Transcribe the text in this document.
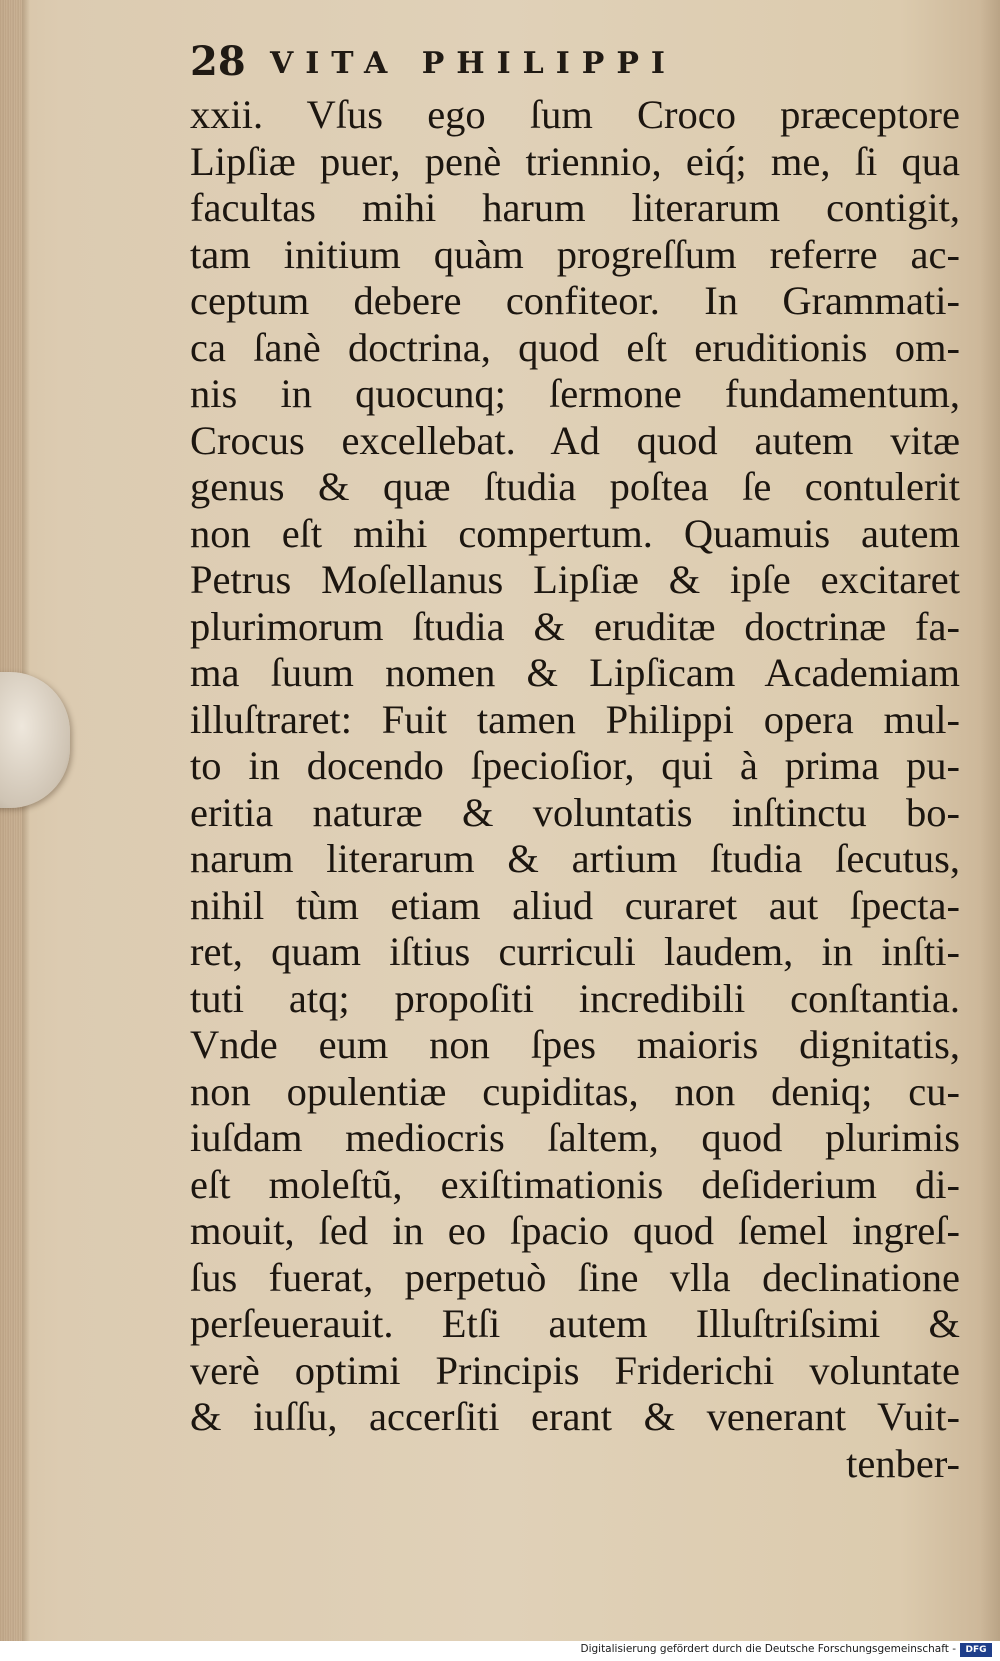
28 VITA PHILIPPI
xxii. Vſus ego ſum Croco præceptore
Lipſiæ puer, penè triennio, eiq́; me, ſi qua
facultas mihi harum literarum contigit,
tam initium quàm progreſſum referre ac-
ceptum debere confiteor. In Grammati-
ca ſanè doctrina, quod eſt eruditionis om-
nis in quocunq; ſermone fundamentum,
Crocus excellebat. Ad quod autem vitæ
genus & quæ ſtudia poſtea ſe contulerit
non eſt mihi compertum. Quamuis autem
Petrus Moſellanus Lipſiæ & ipſe excitaret
plurimorum ſtudia & eruditæ doctrinæ fa-
ma ſuum nomen & Lipſicam Academiam
illuſtraret: Fuit tamen Philippi opera mul-
to in docendo ſpecioſior, qui à prima pu-
eritia naturæ & voluntatis inſtinctu bo-
narum literarum & artium ſtudia ſecutus,
nihil tùm etiam aliud curaret aut ſpecta-
ret, quam iſtius curriculi laudem, in inſti-
tuti atq; propoſiti incredibili conſtantia.
Vnde eum non ſpes maioris dignitatis,
non opulentiæ cupiditas, non deniq; cu-
iuſdam mediocris ſaltem, quod plurimis
eſt moleſtũ, exiſtimationis deſiderium di-
mouit, ſed in eo ſpacio quod ſemel ingreſ-
ſus fuerat, perpetuò ſine vlla declinatione
perſeuerauit. Etſi autem Illuſtriſsimi &
verè optimi Principis Friderichi voluntate
& iuſſu, accerſiti erant & venerant Vuit-
tenber-
Digitalisierung gefördert durch die Deutsche Forschungsgemeinschaft -	DFG
